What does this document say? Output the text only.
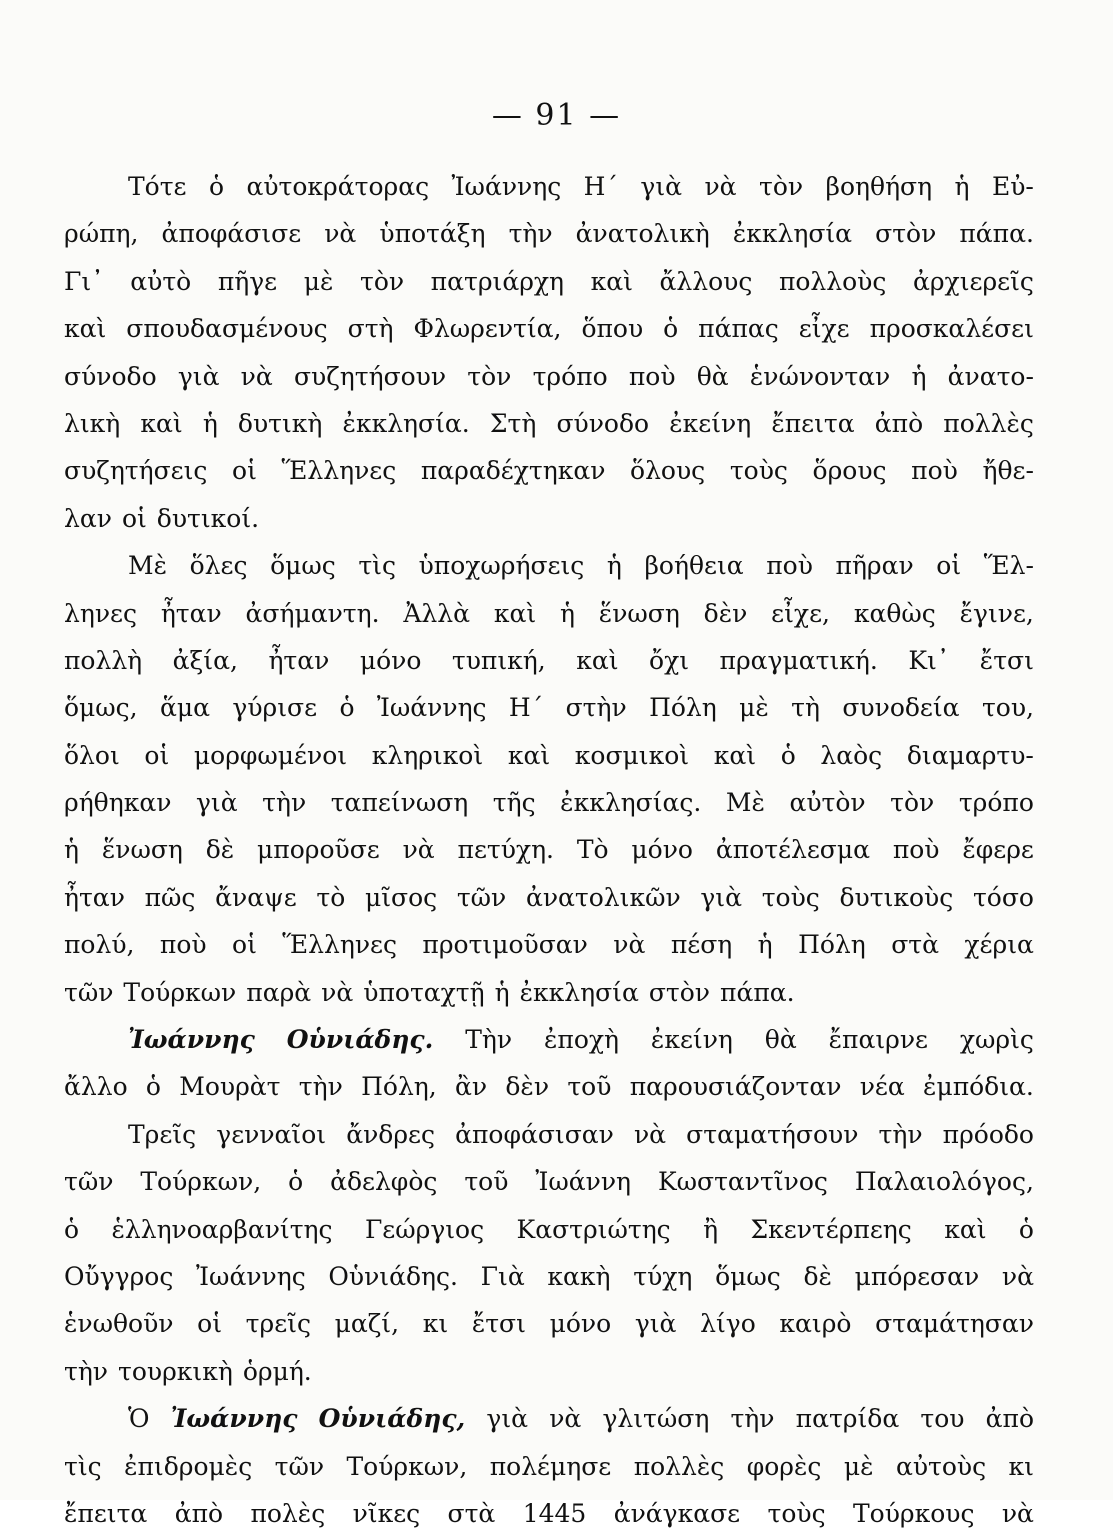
— 91 —
Τότε ὁ αὐτοκράτορας Ἰωάννης Η΄ γιὰ νὰ τὸν βοηθήση ἡ Εὐ-
ρώπη, ἀποφάσισε νὰ ὑποτάξη τὴν ἀνατολικὴ ἐκκλησία στὸν πάπα.
Γι᾽ αὐτὸ πῆγε μὲ τὸν πατριάρχη καὶ ἄλλους πολλοὺς ἀρχιερεῖς
καὶ σπουδασμένους στὴ Φλωρεντία, ὅπου ὁ πάπας εἶχε προσκαλέσει
σύνοδο γιὰ νὰ συζητήσουν τὸν τρόπο ποὺ θὰ ἑνώνονταν ἡ ἀνατο-
λικὴ καὶ ἡ δυτικὴ ἐκκλησία. Στὴ σύνοδο ἐκείνη ἔπειτα ἀπὸ πολλὲς
συζητήσεις οἱ Ἕλληνες παραδέχτηκαν ὅλους τοὺς ὅρους ποὺ ἤθε-
λαν οἱ δυτικοί.
Μὲ ὅλες ὅμως τὶς ὑποχωρήσεις ἡ βοήθεια ποὺ πῆραν οἱ Ἕλ-
ληνες ἦταν ἀσήμαντη. Ἀλλὰ καὶ ἡ ἕνωση δὲν εἶχε, καθὼς ἔγινε,
πολλὴ ἀξία, ἦταν μόνο τυπική, καὶ ὄχι πραγματική. Κι᾽ ἔτσι
ὅμως, ἅμα γύρισε ὁ Ἰωάννης Η΄ στὴν Πόλη μὲ τὴ συνοδεία του,
ὅλοι οἱ μορφωμένοι κληρικοὶ καὶ κοσμικοὶ καὶ ὁ λαὸς διαμαρτυ-
ρήθηκαν γιὰ τὴν ταπείνωση τῆς ἐκκλησίας. Μὲ αὐτὸν τὸν τρόπο
ἡ ἕνωση δὲ μποροῦσε νὰ πετύχη. Τὸ μόνο ἀποτέλεσμα ποὺ ἔφερε
ἦταν πῶς ἄναψε τὸ μῖσος τῶν ἀνατολικῶν γιὰ τοὺς δυτικοὺς τόσο
πολύ, ποὺ οἱ Ἕλληνες προτιμοῦσαν νὰ πέση ἡ Πόλη στὰ χέρια
τῶν Τούρκων παρὰ νὰ ὑποταχτῇ ἡ ἐκκλησία στὸν πάπα.
Ἰωάννης Οὑνιάδης. Τὴν ἐποχὴ ἐκείνη θὰ ἔπαιρνε χωρὶς
ἄλλο ὁ Μουρὰτ τὴν Πόλη, ἂν δὲν τοῦ παρουσιάζονταν νέα ἐμπόδια.
Τρεῖς γενναῖοι ἄνδρες ἀποφάσισαν νὰ σταματήσουν τὴν πρόοδο
τῶν Τούρκων, ὁ ἀδελφὸς τοῦ Ἰωάννη Κωσταντῖνος Παλαιολόγος,
ὁ ἑλληνοαρβανίτης Γεώργιος Καστριώτης ἢ Σκεντέρπεης καὶ ὁ
Οὔγγρος Ἰωάννης Οὑνιάδης. Γιὰ κακὴ τύχη ὅμως δὲ μπόρεσαν νὰ
ἑνωθοῦν οἱ τρεῖς μαζί, κι ἔτσι μόνο γιὰ λίγο καιρὸ σταμάτησαν
τὴν τουρκικὴ ὁρμή.
Ὁ Ἰωάννης Οὑνιάδης, γιὰ νὰ γλιτώση τὴν πατρίδα του ἀπὸ
τὶς ἐπιδρομὲς τῶν Τούρκων, πολέμησε πολλὲς φορὲς μὲ αὐτοὺς κι
ἔπειτα ἀπὸ πολὲς νῖκες στὰ 1445 ἀνάγκασε τοὺς Τούρκους νὰ
